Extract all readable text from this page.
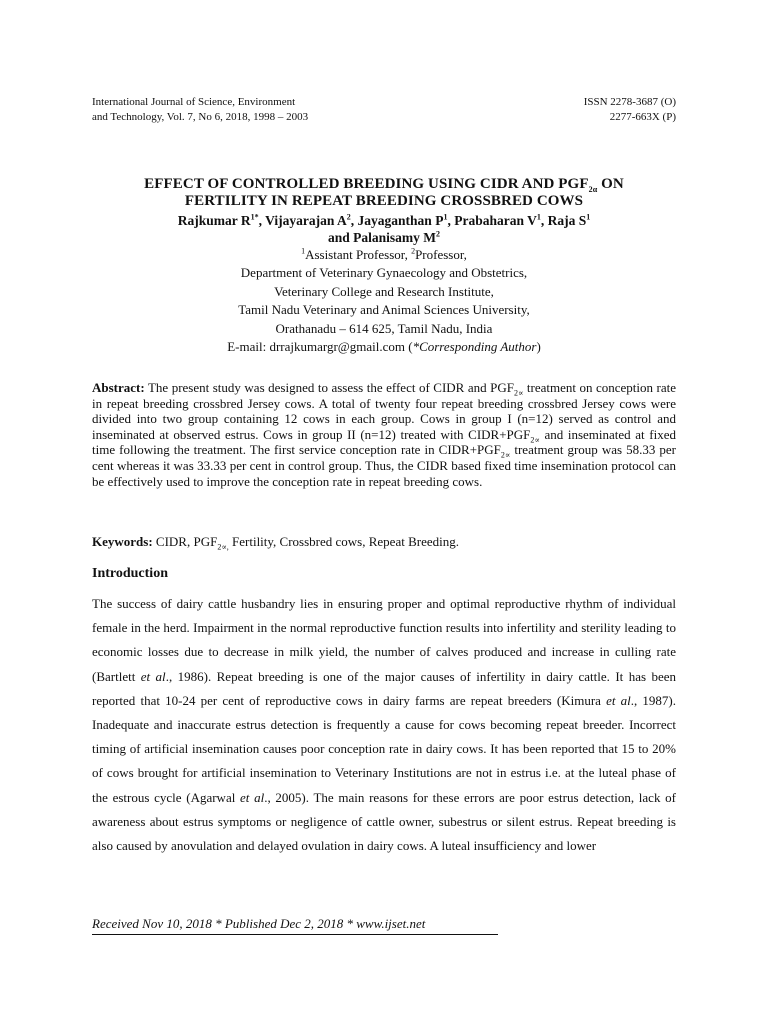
International Journal of Science, Environment
and Technology, Vol. 7, No 6, 2018, 1998 – 2003
ISSN 2278-3687 (O)
2277-663X (P)
EFFECT OF CONTROLLED BREEDING USING CIDR AND $PGF_{2\alpha}$ ON
FERTILITY IN REPEAT BREEDING CROSSBRED COWS
Rajkumar $R^{1*}$, Vijayarajan $A^2$, Jayaganthan $P^1$, Prabaharan $V^1$, Raja $S^1$
and Palanisamy $M^2$
$^1$Assistant Professor, $^2$Professor,
Department of Veterinary Gynaecology and Obstetrics,
Veterinary College and Research Institute,
Tamil Nadu Veterinary and Animal Sciences University,
Orathanadu – 614 625, Tamil Nadu, India
E-mail: drrajkumargr@gmail.com (*Corresponding Author)
Abstract: The present study was designed to assess the effect of CIDR and $PGF_{2\propto}$ treatment on conception rate in repeat breeding crossbred Jersey cows. A total of twenty four repeat breeding crossbred Jersey cows were divided into two group containing 12 cows in each group. Cows in group I (n=12) served as control and inseminated at observed estrus. Cows in group II (n=12) treated with $CIDR+PGF_{2\propto}$ and inseminated at fixed time following the treatment. The first service conception rate in $CIDR+PGF_{2\propto}$ treatment group was 58.33 per cent whereas it was 33.33 per cent in control group. Thus, the CIDR based fixed time insemination protocol can be effectively used to improve the conception rate in repeat breeding cows.
Keywords: CIDR, $PGF_{2\propto,}$ Fertility, Crossbred cows, Repeat Breeding.
Introduction
The success of dairy cattle husbandry lies in ensuring proper and optimal reproductive rhythm of individual female in the herd. Impairment in the normal reproductive function results into infertility and sterility leading to economic losses due to decrease in milk yield, the number of calves produced and increase in culling rate (Bartlett et al., 1986). Repeat breeding is one of the major causes of infertility in dairy cattle. It has been reported that 10-24 per cent of reproductive cows in dairy farms are repeat breeders (Kimura et al., 1987). Inadequate and inaccurate estrus detection is frequently a cause for cows becoming repeat breeder. Incorrect timing of artificial insemination causes poor conception rate in dairy cows. It has been reported that 15 to 20% of cows brought for artificial insemination to Veterinary Institutions are not in estrus i.e. at the luteal phase of the estrous cycle (Agarwal et al., 2005). The main reasons for these errors are poor estrus detection, lack of awareness about estrus symptoms or negligence of cattle owner, subestrus or silent estrus. Repeat breeding is also caused by anovulation and delayed ovulation in dairy cows. A luteal insufficiency and lower
Received Nov 10, 2018 * Published Dec 2, 2018 * www.ijset.net
